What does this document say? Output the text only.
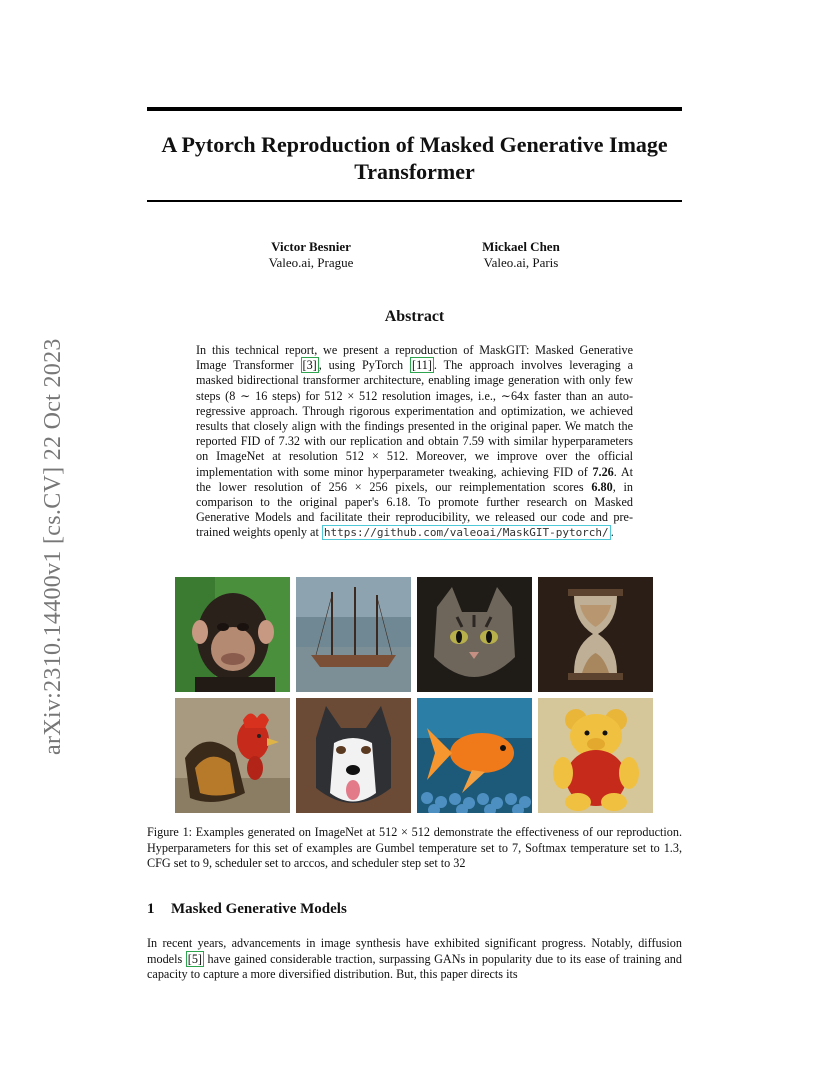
arXiv:2310.14400v1 [cs.CV] 22 Oct 2023
A Pytorch Reproduction of Masked Generative Image Transformer
Victor Besnier
Valeo.ai, Prague
Mickael Chen
Valeo.ai, Paris
Abstract
In this technical report, we present a reproduction of MaskGIT: Masked Generative Image Transformer [3] , using PyTorch [11] . The approach involves leveraging a masked bidirectional transformer architecture, enabling image generation with only few steps (8 ∼ 16 steps) for 512 × 512 resolution images, i.e., ∼64x faster than an auto-regressive approach. Through rigorous experimentation and optimization, we achieved results that closely align with the findings presented in the original paper. We match the reported FID of 7.32 with our replication and obtain 7.59 with similar hyperparameters on ImageNet at resolution 512 × 512. Moreover, we improve over the official implementation with some minor hyperparameter tweaking, achieving FID of 7.26. At the lower resolution of 256 × 256 pixels, our reimplementation scores 6.80, in comparison to the original paper's 6.18. To promote further research on Masked Generative Models and facilitate their reproducibility, we released our code and pre-trained weights openly at https://github.com/valeoai/MaskGIT-pytorch/ .
Figure 1: Examples generated on ImageNet at 512 × 512 demonstrate the effectiveness of our reproduction. Hyperparameters for this set of examples are Gumbel temperature set to 7, Softmax temperature set to 1.3, CFG set to 9, scheduler set to arccos, and scheduler step set to 32
1 Masked Generative Models
In recent years, advancements in image synthesis have exhibited significant progress. Notably, diffusion models [5] have gained considerable traction, surpassing GANs in popularity due to its ease of training and capacity to capture a more diversified distribution. But, this paper directs its
